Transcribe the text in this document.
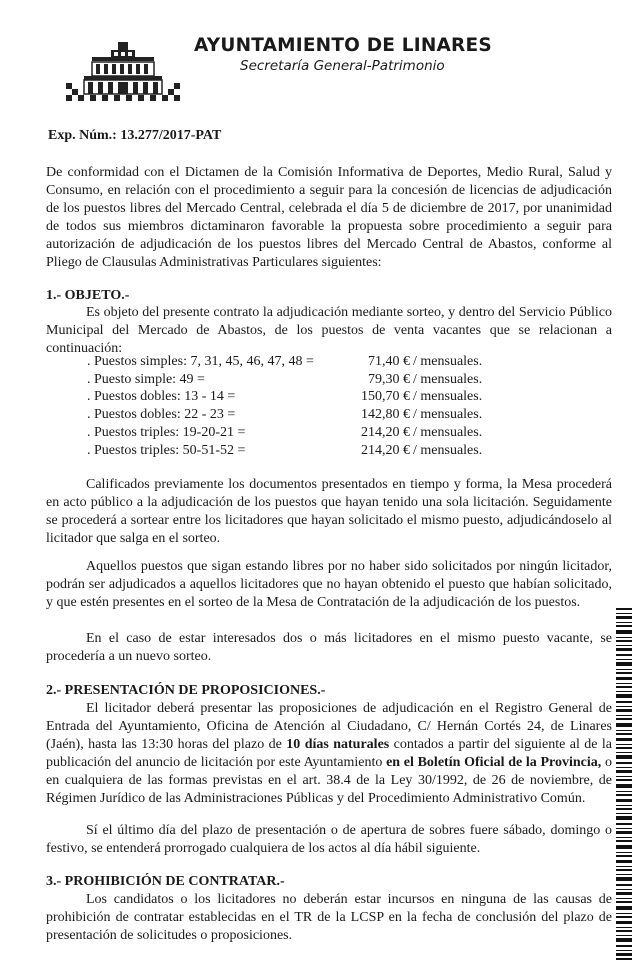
AYUNTAMIENTO DE LINARES
Secretaría General-Patrimonio
Exp. Núm.: 13.277/2017-PAT
De conformidad con el Dictamen de la Comisión Informativa de Deportes, Medio Rural, Salud y Consumo, en relación con el procedimiento a seguir para la concesión de licencias de adjudicación de los puestos libres del Mercado Central, celebrada el día 5 de diciembre de 2017, por unanimidad de todos sus miembros dictaminaron favorable la propuesta sobre procedimiento a seguir para autorización de adjudicación de los puestos libres del Mercado Central de Abastos, conforme al Pliego de Clausulas Administrativas Particulares siguientes:
1.- OBJETO.-
Es objeto del presente contrato la adjudicación mediante sorteo, y dentro del Servicio Público Municipal del Mercado de Abastos, de los puestos de venta vacantes que se relacionan a continuación:
. Puestos simples: 7, 31, 45, 46, 47, 48 =	71,40 € / mensuales.
. Puesto simple: 49 =	79,30 € / mensuales.
. Puestos dobles: 13 - 14 =	150,70 € / mensuales.
. Puestos dobles: 22 - 23 =	142,80 € / mensuales.
. Puestos triples: 19-20-21 =	214,20 € / mensuales.
. Puestos triples: 50-51-52 =	214,20 € / mensuales.
Calificados previamente los documentos presentados en tiempo y forma, la Mesa procederá en acto público a la adjudicación de los puestos que hayan tenido una sola licitación. Seguidamente se procederá a sortear entre los licitadores que hayan solicitado el mismo puesto, adjudicándoselo al licitador que salga en el sorteo.
Aquellos puestos que sigan estando libres por no haber sido solicitados por ningún licitador, podrán ser adjudicados a aquellos licitadores que no hayan obtenido el puesto que habían solicitado, y que estén presentes en el sorteo de la Mesa de Contratación de la adjudicación de los puestos.
En el caso de estar interesados dos o más licitadores en el mismo puesto vacante, se procedería a un nuevo sorteo.
2.- PRESENTACIÓN DE PROPOSICIONES.-
El licitador deberá presentar las proposiciones de adjudicación en el Registro General de Entrada del Ayuntamiento, Oficina de Atención al Ciudadano, C/ Hernán Cortés 24, de Linares (Jaén), hasta las 13:30 horas del plazo de 10 días naturales contados a partir del siguiente al de la publicación del anuncio de licitación por este Ayuntamiento en el Boletín Oficial de la Provincia, o en cualquiera de las formas previstas en el art. 38.4 de la Ley 30/1992, de 26 de noviembre, de Régimen Jurídico de las Administraciones Públicas y del Procedimiento Administrativo Común.
Sí el último día del plazo de presentación o de apertura de sobres fuere sábado, domingo o festivo, se entenderá prorrogado cualquiera de los actos al día hábil siguiente.
3.- PROHIBICIÓN DE CONTRATAR.-
Los candidatos o los licitadores no deberán estar incursos en ninguna de las causas de prohibición de contratar establecidas en el TR de la LCSP en la fecha de conclusión del plazo de presentación de solicitudes o proposiciones.
